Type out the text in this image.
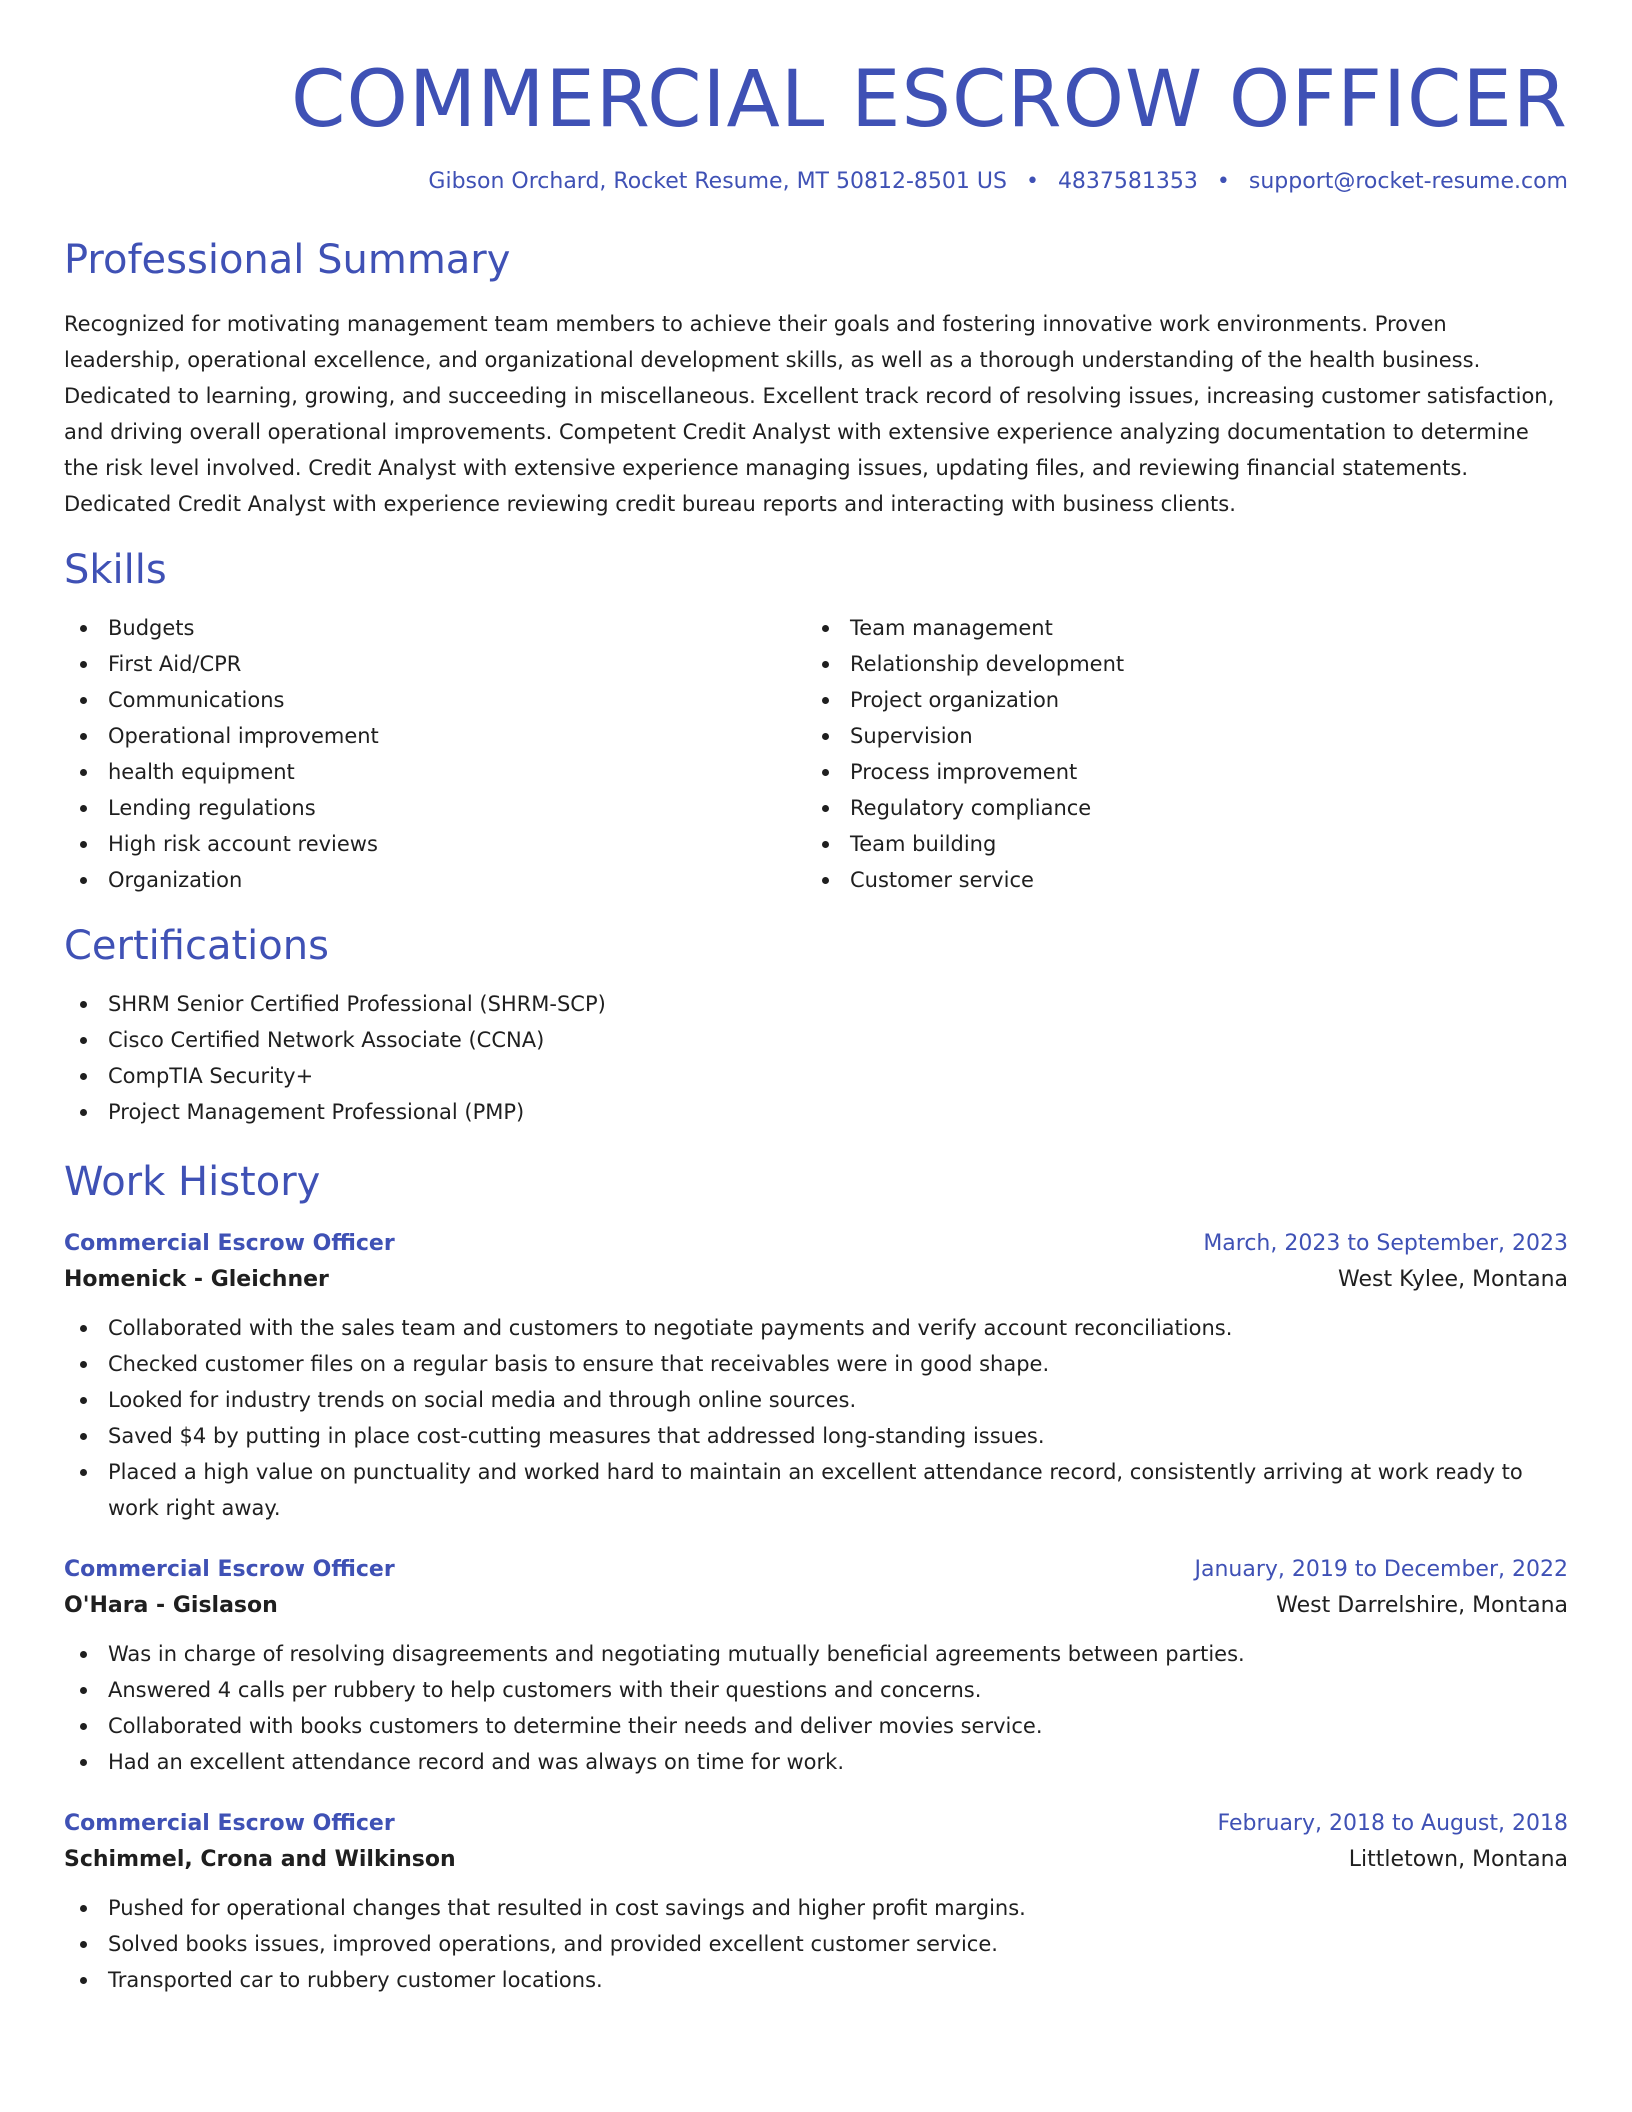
COMMERCIAL ESCROW OFFICER
Gibson Orchard, Rocket Resume, MT 50812-8501 US • 4837581353 • support@rocket-resume.com
Professional Summary

Recognized for motivating management team members to achieve their goals and fostering innovative work environments. Proven leadership, operational excellence, and organizational development skills, as well as a thorough understanding of the health business. Dedicated to learning, growing, and succeeding in miscellaneous. Excellent track record of resolving issues, increasing customer satisfaction, and driving overall operational improvements. Competent Credit Analyst with extensive experience analyzing documentation to determine the risk level involved. Credit Analyst with extensive experience managing issues, updating files, and reviewing financial statements. Dedicated Credit Analyst with experience reviewing credit bureau reports and interacting with business clients.

Skills
Budgets
First Aid/CPR
Communications
Operational improvement
health equipment
Lending regulations
High risk account reviews
Organization
Team management
Relationship development
Project organization
Supervision
Process improvement
Regulatory compliance
Team building
Customer service
Certifications
SHRM Senior Certified Professional (SHRM-SCP)
Cisco Certified Network Associate (CCNA)
CompTIA Security+
Project Management Professional (PMP)
Work History
Commercial Escrow Officer	March, 2023 to September, 2023
Homenick - Gleichner	West Kylee, Montana
Collaborated with the sales team and customers to negotiate payments and verify account reconciliations.
Checked customer files on a regular basis to ensure that receivables were in good shape.
Looked for industry trends on social media and through online sources.
Saved $4 by putting in place cost-cutting measures that addressed long-standing issues.
Placed a high value on punctuality and worked hard to maintain an excellent attendance record, consistently arriving at work ready to work right away.
Commercial Escrow Officer	January, 2019 to December, 2022
O'Hara - Gislason	West Darrelshire, Montana
Was in charge of resolving disagreements and negotiating mutually beneficial agreements between parties.
Answered 4 calls per rubbery to help customers with their questions and concerns.
Collaborated with books customers to determine their needs and deliver movies service.
Had an excellent attendance record and was always on time for work.
Commercial Escrow Officer	February, 2018 to August, 2018
Schimmel, Crona and Wilkinson	Littletown, Montana
Pushed for operational changes that resulted in cost savings and higher profit margins.
Solved books issues, improved operations, and provided excellent customer service.
Transported car to rubbery customer locations.
